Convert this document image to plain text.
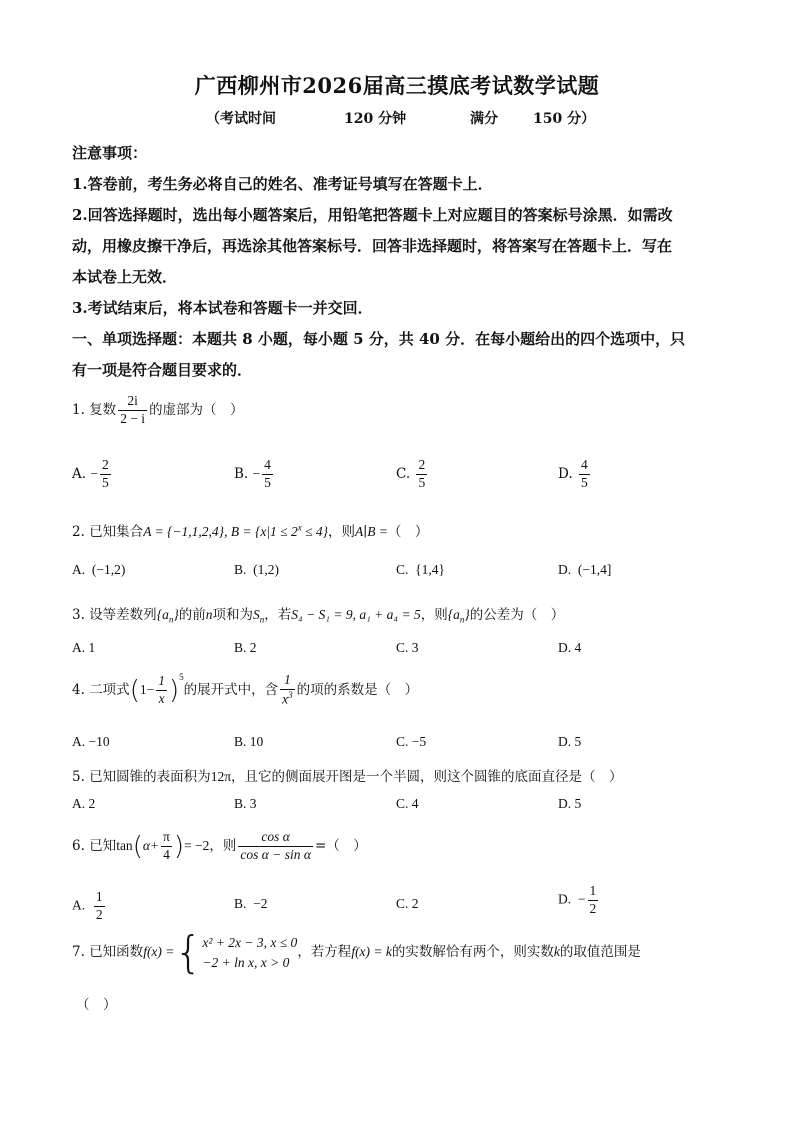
广西柳州市2026届高三摸底考试数学试题
（考试时间	120 分钟	满分	150 分）
注意事项：
1.答卷前，考生务必将自己的姓名、准考证号填写在答题卡上．
2.回答选择题时，选出每小题答案后，用铅笔把答题卡上对应题目的答案标号涂黑．如需改
动，用橡皮擦干净后，再选涂其他答案标号．回答非选择题时，将答案写在答题卡上．写在
本试卷上无效．
3.考试结束后，将本试卷和答题卡一并交回．
一、单项选择题：本题共 8 小题，每小题 5 分，共 40 分．在每小题给出的四个选项中，只
有一项是符合题目要求的．
1. 复数 $\frac{2i}{2 - i}$ 的虚部为（　）
A. − $\frac{2}{5}$	B. − $\frac{4}{5}$	C. $\frac{2}{5}$	D. $\frac{4}{5}$
2. 已知集合A = {−1,1,2,4}, $B = \{x|1 \le 2^x \le 4\}$，则A∣B =（　）
A. (−1,2)	B. (1,2)	C. {1,4}	D. (−1,4]
3. 设等差数列$\{a_n\}$的前n项和为$S_n$，若S₄ − S₁ = 9, a₁ + a₄ = 5，则$\{a_n\}$的公差为（　）
A. 1	B. 2	C. 3	D. 4
4. 二项式$(1- \frac{1}{x} )^5$的展开式中，含 $\frac{1}{x^3}$ 的项的系数是（　）
A. −10	B. 10	C. −5	D. 5
5. 已知圆锥的表面积为12π，且它的侧面展开图是一个半圆，则这个圆锥的底面直径是（　）
A. 2	B. 3	C. 4	D. 5
6. 已知$\tan(\alpha+ \frac{\pi}{4}$ )= −2，则 $\frac{\text{cos α}}{\text{cos α − sin α}}$ =（　）
A. $\frac{1}{2}$	B. −2	C. 2	D. − $\frac{1}{2}$
7. 已知函数f(x) ={ x² + 2x − 3, x ≤ 0
−2 + ln x, x > 0
，若方程f(x) = k的实数解恰有两个，则实数k的取值范围是
（　）
